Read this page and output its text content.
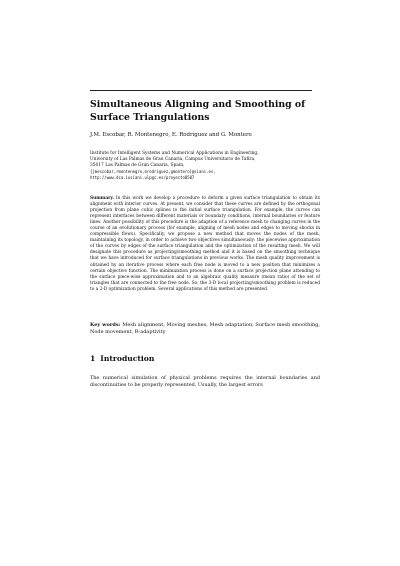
Simultaneous Aligning and Smoothing of Surface Triangulations
J.M. Escobar, R. Montenegro, E. Rodríguez and G. Montero
Institute for Intelligent Systems and Numerical Applications in Engineering,
University of Las Palmas de Gran Canaria, Campus Universitario de Tafira,
35017 Las Palmas de Gran Canaria, Spain,
{jmescobar,rmontenegro,erodriguez,gmontero}@siani.es,
http://www.dca.iusiani.ulpgc.es/proyecto0507

Summary. In this work we develop a procedure to deform a given surface triangulation to obtain its alignment with interior curves. At present, we consider that these curves are defined by the orthogonal projection from plane cubic splines to the initial surface triangulation. For example, the curves can represent interfaces between different materials or boundary conditions, internal boundaries or feature lines. Another possibility of this procedure is the adaption of a reference mesh to changing curves in the course of an evolutionary process (for example, aligning of mesh nodes and edges to moving shocks in compressible flows). Specifically, we propose a new method that moves the nodes of the mesh, maintaining its topology, in order to achieve two objectives simultaneously: the piecewise approximation of the curves by edges of the surface triangulation and the optimization of the resulting mesh. We will designate this procedure as projecting/smoothing method and it is based on the smoothing technique that we have introduced for surface triangulations in previous works. The mesh quality improvement is obtained by an iterative process where each free node is moved to a new position that minimizes a certain objective function. The minimization process is done on a surface projection plane attending to the surface piece-wise approximation and to an algebraic quality measure (mean ratio) of the set of triangles that are connected to the free node. So, the 3-D local projecting/smoothing problem is reduced to a 2-D optimization problem. Several applications of this method are presented.

Key words: Mesh alignment, Moving meshes, Mesh adaptation, Surface mesh smoothing, Node movement, R-adaptivity

1 Introduction

The numerical simulation of physical problems requires the internal boundaries and discontinuities to be properly represented. Usually, the largest errors
